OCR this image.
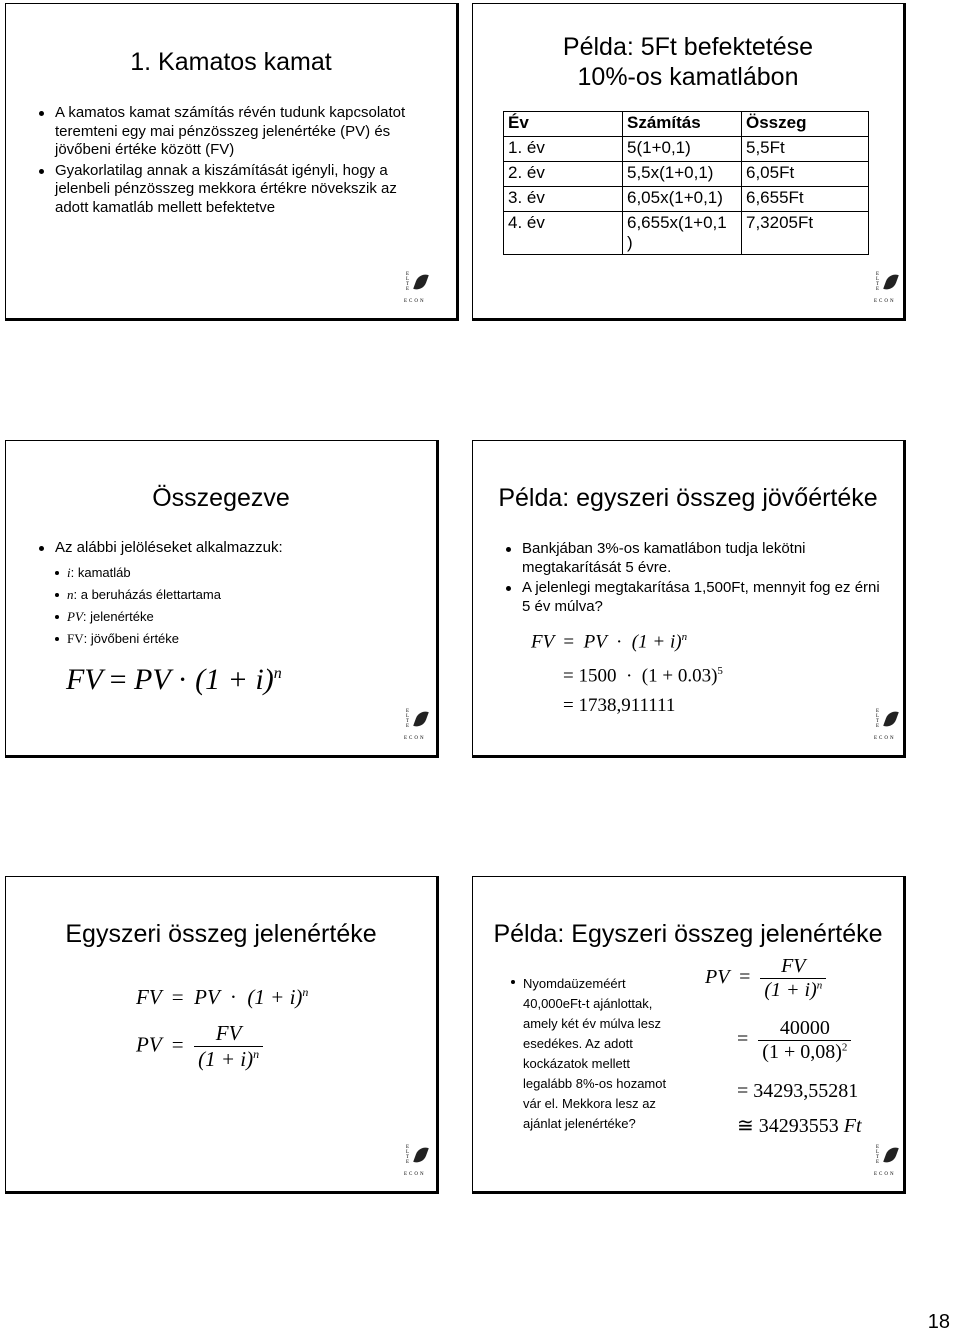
1. Kamatos kamat
A kamatos kamat számítás révén tudunk kapcsolatot teremteni egy mai pénzösszeg jelenértéke (PV) és jövőbeni értéke között (FV)
Gyakorlatilag annak a kiszámítását igényli, hogy a jelenbeli pénzösszeg mekkora értékre növekszik az adott kamatláb mellett befektetve
E
L
T
E
ECON
Példa: 5Ft befektetése 10%-os kamatlábon
Év	Számítás	Összeg
1. év	5(1+0,1)	5,5Ft
2. év	5,5x(1+0,1)	6,05Ft
3. év	6,05x(1+0,1)	6,655Ft
4. év	6,655x(1+0,1 )	7,3205Ft
E
L
T
E
ECON
Összegezve
Az alábbi jelöléseket alkalmazzuk:
i: kamatláb
n: a beruházás élettartama
PV: jelenértéke
FV: jövőbeni értéke
FV = PV · $(1 + i)^n$
E
L
T
E
ECON
Példa: egyszeri összeg jövőértéke
Bankjában 3%-os kamatlábon tudja lekötni megtakarítását 5 évre.
A jelenlegi megtakarítása 1,500Ft, mennyit fog ez érni 5 év múlva?
FV  =  PV  ·  $(1 + i)^n$
= $1500 \cdot (1 + 0.03)^5$
= 1738,911111	E
L
T
E
ECON
Egyszeri összeg jelenértéke
FV  =  PV  ·  $(1 + i)^n$
PV  = $\frac{FV}{(1 + i)^n}$
E
L
T
E
ECON
Példa: Egyszeri összeg jelenértéke
Nyomdaüzeméért
40,000eFt-t ajánlottak,
amely két év múlva lesz
esedékes. Az adott
kockázatok mellett
legalább 8%-os hozamot
vár el. Mekkora lesz az
ajánlat jelenértéke?
PV  = $\frac{FV}{(1 + i)^n}$
= $\frac{40000}{(1 + 0,08)^2}$
= 34293,55281
≅ 34293553 Ft
E
L
T
E
ECON
18
